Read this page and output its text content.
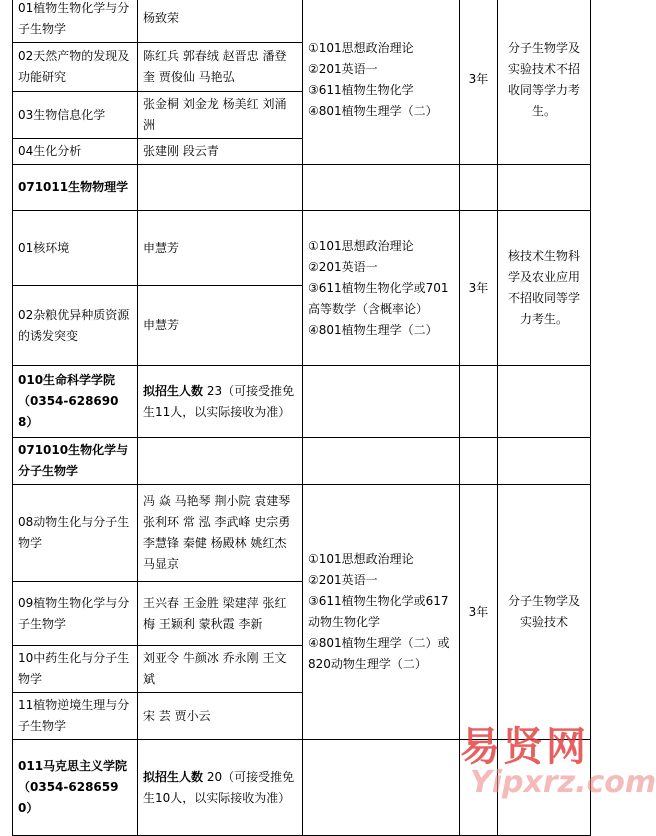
01植物生物化学与分子生物学	杨致荣	①101思想政治理论
②201英语一
③611植物生物化学
④801植物生理学（二）	3年	分子生物学及实验技术不招收同等学力考生。
02天然产物的发现及功能研究	陈红兵 郭春绒 赵晋忠 潘登奎 贾俊仙 马艳弘			
03生物信息化学	张金桐 刘金龙 杨美红 刘涌洲			
04生化分析	张建刚 段云青			
071011生物物理学				
01核环境	申慧芳	①101思想政治理论
②201英语一
③611植物生物化学或701高等数学（含概率论）
④801植物生理学（二）	3年	核技术生物科学及农业应用不招收同等学力考生。
02杂粮优异种质资源的诱发突变	申慧芳			
010生命科学学院（0354-6286908）	拟招生人数 23（可接受推免生11人，以实际接收为准）			
071010生物化学与分子生物学				
08动物生化与分子生物学	冯 焱 马艳琴 荆小院 袁建琴 张利环 常 泓 李武峰 史宗勇 李慧锋 秦健 杨殿林 姚红杰 马显京	①101思想政治理论
②201英语一
③611植物生物化学或617动物生物化学
④801植物生理学（二）或820动物生理学（二）	3年	分子生物学及实验技术
09植物生物化学与分子生物学	王兴春 王金胜 梁建萍 张红梅 王颖利 蒙秋霞 李新			
10中药生化与分子生物学	刘亚令 牛颜冰 乔永刚 王文斌			
11植物逆境生理与分子生物学	宋 芸 贾小云			
011马克思主义学院（0354-6286590）	拟招生人数 20（可接受推免生10人，以实际接收为准）			
易贤网
Yipxrz.com
